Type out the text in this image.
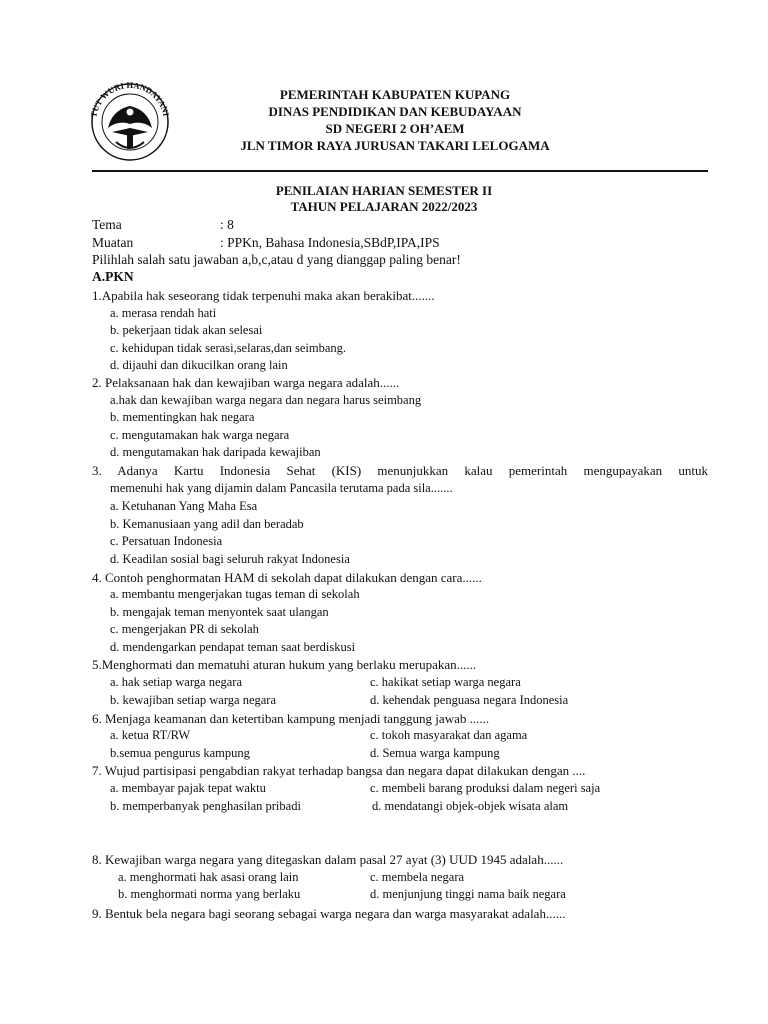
TUT WURI HANDAYANI
PEMERINTAH KABUPATEN KUPANG
DINAS PENDIDIKAN DAN KEBUDAYAAN
SD NEGERI 2 OH’AEM
JLN TIMOR RAYA JURUSAN TAKARI LELOGAMA
PENILAIAN HARIAN SEMESTER II
TAHUN PELAJARAN 2022/2023
Tema	: 8
Muatan	: PPKn, Bahasa Indonesia,SBdP,IPA,IPS
Pilihlah salah satu jawaban a,b,c,atau d yang dianggap paling benar!
A.PKN
1.Apabila hak seseorang tidak terpenuhi maka akan berakibat.......
a. merasa rendah hati
b. pekerjaan tidak akan selesai
c. kehidupan tidak serasi,selaras,dan seimbang.
d. dijauhi dan dikucilkan orang lain
2. Pelaksanaan hak dan kewajiban warga negara adalah......
a.hak dan kewajiban warga negara dan negara harus seimbang
b. mementingkan hak negara
c. mengutamakan hak warga negara
d. mengutamakan hak daripada kewajiban
3. Adanya Kartu Indonesia Sehat (KIS) menunjukkan kalau pemerintah mengupayakan untuk
memenuhi hak yang dijamin dalam Pancasila terutama pada sila.......
a. Ketuhanan Yang Maha Esa
b. Kemanusiaan yang adil dan beradab
c. Persatuan Indonesia
d. Keadilan sosial bagi seluruh rakyat Indonesia
4. Contoh penghormatan HAM di sekolah dapat dilakukan dengan cara......
a. membantu mengerjakan tugas teman di sekolah
b. mengajak teman menyontek saat ulangan
c. mengerjakan PR di sekolah
d. mendengarkan pendapat teman saat berdiskusi
5.Menghormati dan mematuhi aturan hukum yang berlaku merupakan......
a. hak setiap warga negara	c. hakikat setiap warga negara
b. kewajiban setiap warga negara	d. kehendak penguasa negara Indonesia
6. Menjaga keamanan dan ketertiban kampung menjadi tanggung jawab ......
a. ketua RT/RW	c. tokoh masyarakat dan agama
b.semua pengurus kampung	d. Semua warga kampung
7. Wujud partisipasi pengabdian rakyat terhadap bangsa dan negara dapat dilakukan dengan ....
a. membayar pajak tepat waktu	c. membeli barang produksi dalam negeri saja
b. memperbanyak penghasilan pribadi	d. mendatangi objek-objek wisata alam
8. Kewajiban warga negara yang ditegaskan dalam pasal 27 ayat (3) UUD 1945 adalah......
a. menghormati hak asasi orang lain	c. membela negara
b. menghormati norma yang berlaku	d. menjunjung tinggi nama baik negara
9. Bentuk bela negara bagi seorang sebagai warga negara dan warga masyarakat adalah......
